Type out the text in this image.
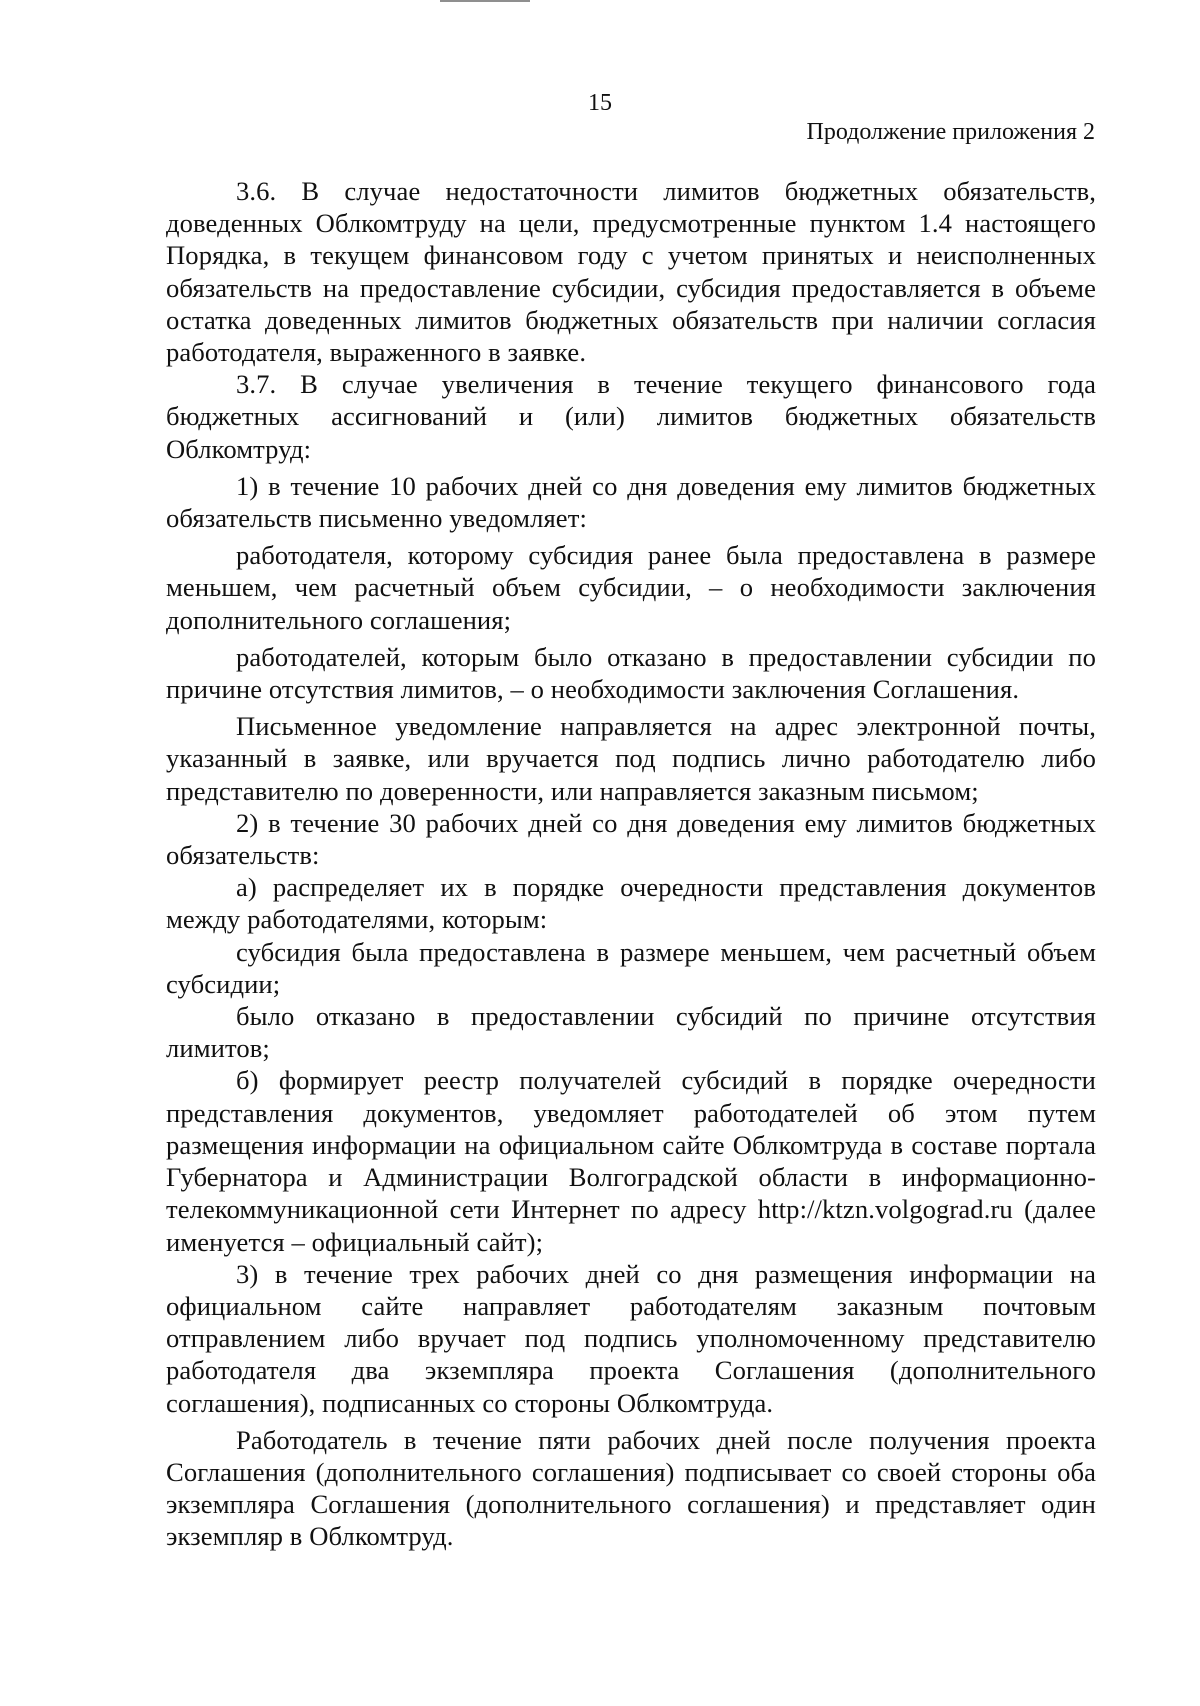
15
Продолжение приложения 2

3.6. В случае недостаточности лимитов бюджетных обязательств, доведенных Облкомтруду на цели, предусмотренные пунктом 1.4 настоящего Порядка, в текущем финансовом году с учетом принятых и неисполненных обязательств на предоставление субсидии, субсидия предоставляется в объеме остатка доведенных лимитов бюджетных обязательств при наличии согласия работодателя, выраженного в заявке.

3.7. В случае увеличения в течение текущего финансового года бюджетных ассигнований и (или) лимитов бюджетных обязательств Облкомтруд:

1) в течение 10 рабочих дней со дня доведения ему лимитов бюджетных обязательств письменно уведомляет:

работодателя, которому субсидия ранее была предоставлена в размере меньшем, чем расчетный объем субсидии, – о необходимости заключения дополнительного соглашения;

работодателей, которым было отказано в предоставлении субсидии по причине отсутствия лимитов, – о необходимости заключения Соглашения.

Письменное уведомление направляется на адрес электронной почты, указанный в заявке, или вручается под подпись лично работодателю либо представителю по доверенности, или направляется заказным письмом;

2) в течение 30 рабочих дней со дня доведения ему лимитов бюджетных обязательств:

а) распределяет их в порядке очередности представления документов между работодателями, которым:

субсидия была предоставлена в размере меньшем, чем расчетный объем субсидии;

было отказано в предоставлении субсидий по причине отсутствия лимитов;

б) формирует реестр получателей субсидий в порядке очередности представления документов, уведомляет работодателей об этом путем размещения информации на официальном сайте Облкомтруда в составе портала Губернатора и Администрации Волгоградской области в информационно-телекоммуникационной сети Интернет по адресу http://ktzn.volgograd.ru (далее именуется – официальный сайт);

3) в течение трех рабочих дней со дня размещения информации на официальном сайте направляет работодателям заказным почтовым отправлением либо вручает под подпись уполномоченному представителю работодателя два экземпляра проекта Соглашения (дополнительного соглашения), подписанных со стороны Облкомтруда.

Работодатель в течение пяти рабочих дней после получения проекта Соглашения (дополнительного соглашения) подписывает со своей стороны оба экземпляра Соглашения (дополнительного соглашения) и представляет один экземпляр в Облкомтруд.
